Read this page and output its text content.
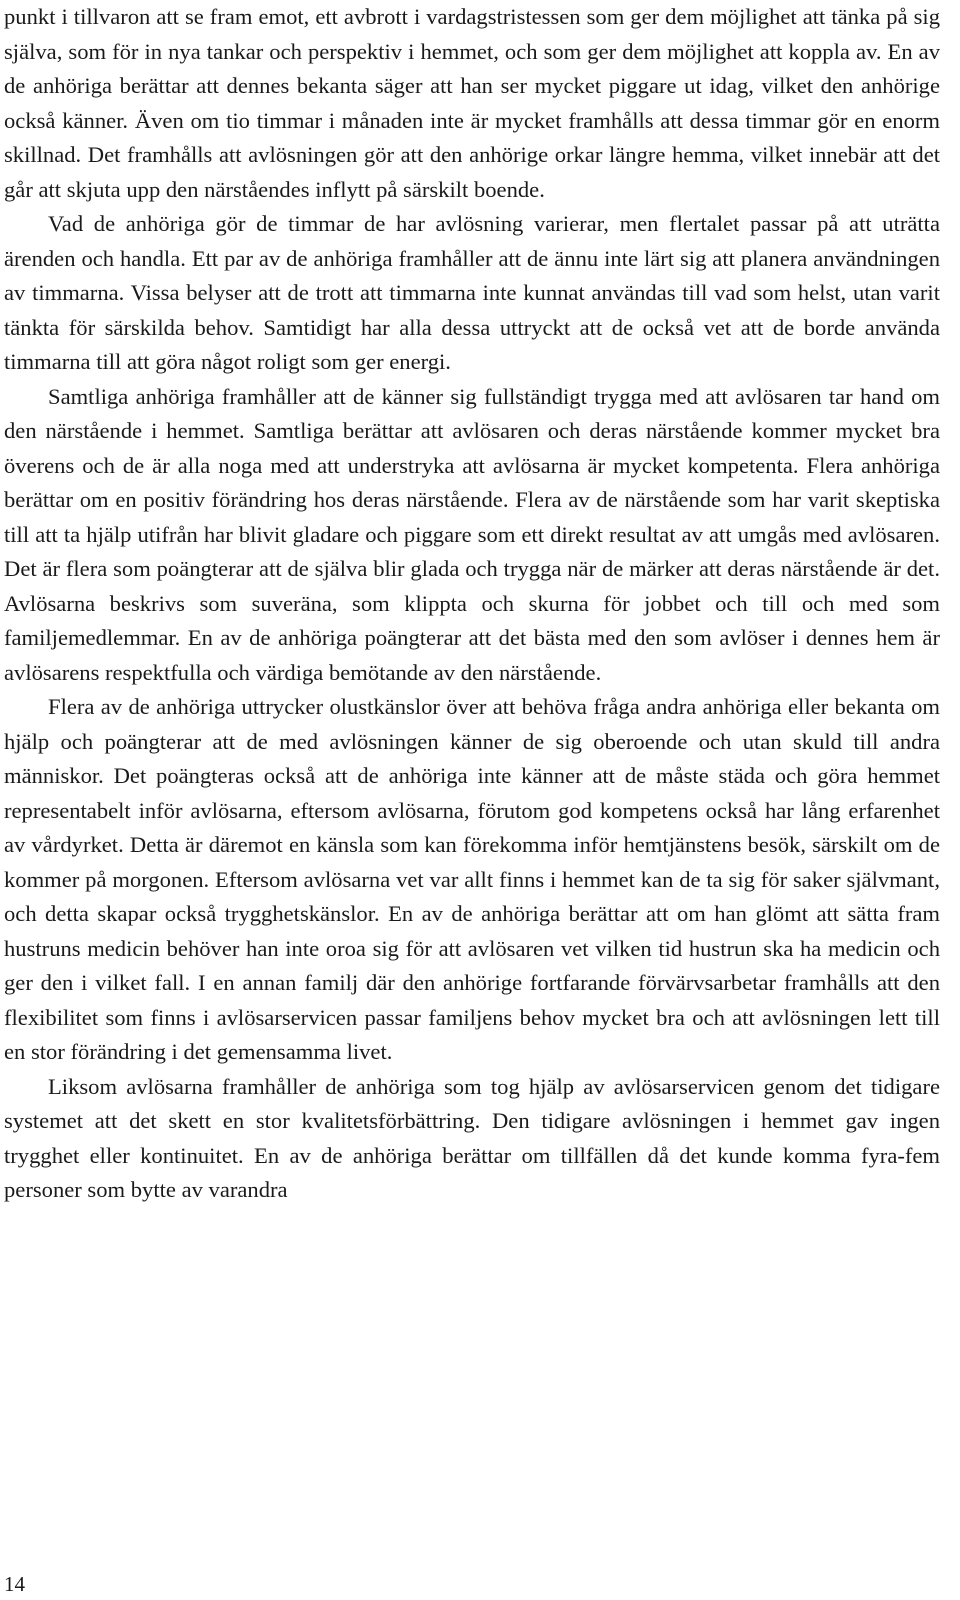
punkt i tillvaron att se fram emot, ett avbrott i vardagstristessen som ger dem möjlighet att tänka på sig själva, som för in nya tankar och perspektiv i hemmet, och som ger dem möjlighet att koppla av. En av de anhöriga berättar att dennes bekanta säger att han ser mycket piggare ut idag, vilket den anhörige också känner. Även om tio timmar i månaden inte är mycket framhålls att dessa timmar gör en enorm skillnad. Det framhålls att avlösningen gör att den anhörige orkar längre hemma, vilket innebär att det går att skjuta upp den närståendes inflytt på särskilt boende.

Vad de anhöriga gör de timmar de har avlösning varierar, men flertalet passar på att uträtta ärenden och handla. Ett par av de anhöriga framhåller att de ännu inte lärt sig att planera användningen av timmarna. Vissa belyser att de trott att timmarna inte kunnat användas till vad som helst, utan varit tänkta för särskilda behov. Samtidigt har alla dessa uttryckt att de också vet att de borde använda timmarna till att göra något roligt som ger energi.

Samtliga anhöriga framhåller att de känner sig fullständigt trygga med att avlösaren tar hand om den närstående i hemmet. Samtliga berättar att avlösaren och deras närstående kommer mycket bra överens och de är alla noga med att understryka att avlösarna är mycket kompetenta. Flera anhöriga berättar om en positiv förändring hos deras närstående. Flera av de närstående som har varit skeptiska till att ta hjälp utifrån har blivit gladare och piggare som ett direkt resultat av att umgås med avlösaren. Det är flera som poängterar att de själva blir glada och trygga när de märker att deras närstående är det. Avlösarna beskrivs som suveräna, som klippta och skurna för jobbet och till och med som familjemedlemmar. En av de anhöriga poängterar att det bästa med den som avlöser i dennes hem är avlösarens respektfulla och värdiga bemötande av den närstående.

Flera av de anhöriga uttrycker olustkänslor över att behöva fråga andra anhöriga eller bekanta om hjälp och poängterar att de med avlösningen känner de sig oberoende och utan skuld till andra människor. Det poängteras också att de anhöriga inte känner att de måste städa och göra hemmet representabelt inför avlösarna, eftersom avlösarna, förutom god kompetens också har lång erfarenhet av vårdyrket. Detta är däremot en känsla som kan förekomma inför hemtjänstens besök, särskilt om de kommer på morgonen. Eftersom avlösarna vet var allt finns i hemmet kan de ta sig för saker självmant, och detta skapar också trygghetskänslor. En av de anhöriga berättar att om han glömt att sätta fram hustruns medicin behöver han inte oroa sig för att avlösaren vet vilken tid hustrun ska ha medicin och ger den i vilket fall. I en annan familj där den anhörige fortfarande förvärvsarbetar framhålls att den flexibilitet som finns i avlösarservicen passar familjens behov mycket bra och att avlösningen lett till en stor förändring i det gemensamma livet.

Liksom avlösarna framhåller de anhöriga som tog hjälp av avlösarservicen genom det tidigare systemet att det skett en stor kvalitetsförbättring. Den tidigare avlösningen i hemmet gav ingen trygghet eller kontinuitet. En av de anhöriga berättar om tillfällen då det kunde komma fyra-fem personer som bytte av varandra

14
